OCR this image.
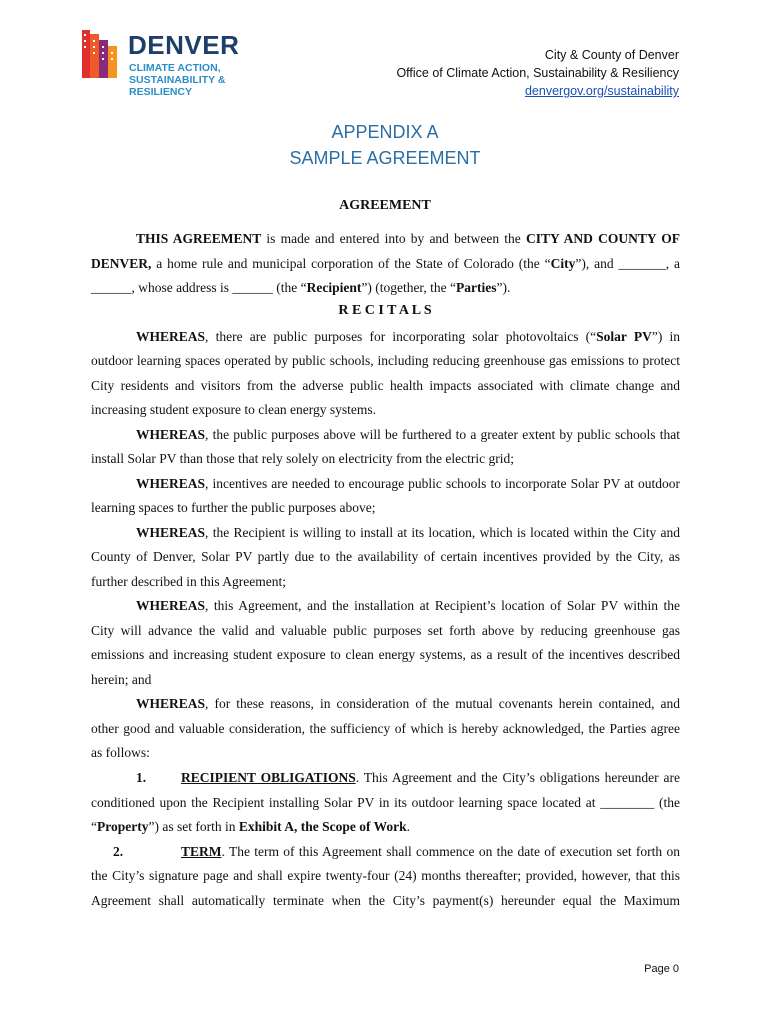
DENVER
CLIMATE ACTION,
SUSTAINABILITY &
RESILIENCY
City & County of Denver
Office of Climate Action, Sustainability & Resiliency
denvergov.org/sustainability
APPENDIX A
SAMPLE AGREEMENT
AGREEMENT
THIS AGREEMENT is made and entered into by and between the CITY AND COUNTY OF
DENVER, a home rule and municipal corporation of the State of Colorado (the “City”), and _______, a
______, whose address is ______ (the “Recipient”) (together, the “Parties”).
R E C I T A L S
WHEREAS, there are public purposes for incorporating solar photovoltaics (“Solar PV”) in
outdoor learning spaces operated by public schools, including reducing greenhouse gas emissions to protect
City residents and visitors from the adverse public health impacts associated with climate change and
increasing student exposure to clean energy systems.
WHEREAS, the public purposes above will be furthered to a greater extent by public schools that
install Solar PV than those that rely solely on electricity from the electric grid;
WHEREAS, incentives are needed to encourage public schools to incorporate Solar PV at outdoor
learning spaces to further the public purposes above;
WHEREAS, the Recipient is willing to install at its location, which is located within the City and
County of Denver, Solar PV partly due to the availability of certain incentives provided by the City, as
further described in this Agreement;
WHEREAS, this Agreement, and the installation at Recipient’s location of Solar PV within the
City will advance the valid and valuable public purposes set forth above by reducing greenhouse gas
emissions and increasing student exposure to clean energy systems, as a result of the incentives described
herein; and
WHEREAS, for these reasons, in consideration of the mutual covenants herein contained, and
other good and valuable consideration, the sufficiency of which is hereby acknowledged, the Parties agree
as follows:
1.	RECIPIENT OBLIGATIONS. This Agreement and the City’s obligations hereunder are
conditioned upon the Recipient installing Solar PV in its outdoor learning space located at ________ (the
“Property”) as set forth in Exhibit A, the Scope of Work.
2.	TERM. The term of this Agreement shall commence on the date of execution set forth on
the City’s signature page and shall expire twenty-four (24) months thereafter; provided, however, that this
Agreement shall automatically terminate when the City’s payment(s) hereunder equal the Maximum
Page 0
